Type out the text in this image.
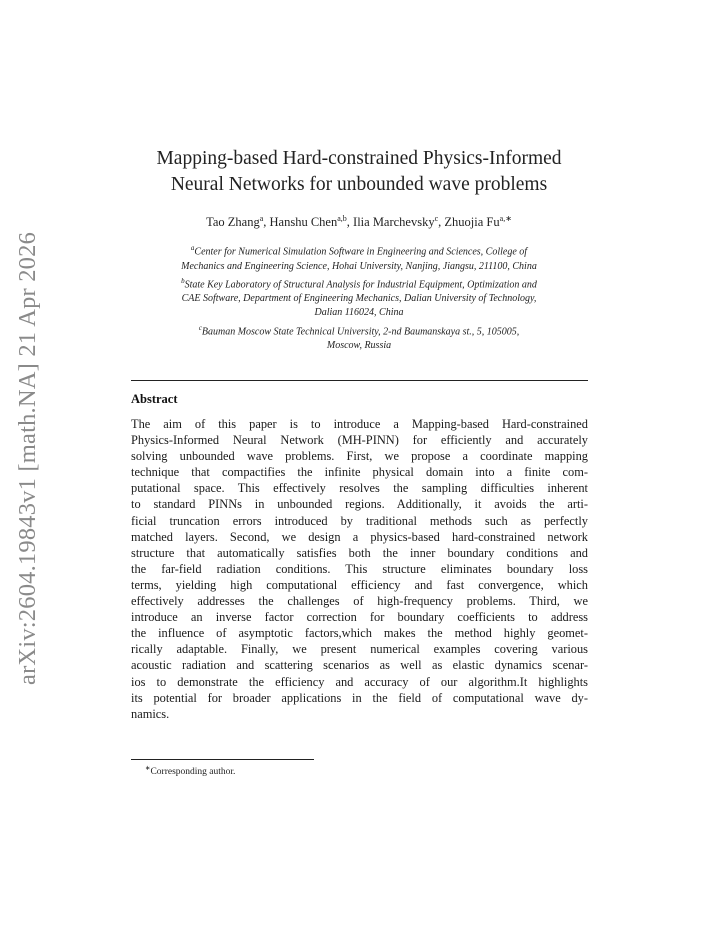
arXiv:2604.19843v1 [math.NA] 21 Apr 2026
Mapping-based Hard-constrained Physics-Informed
Neural Networks for unbounded wave problems
Tao Zhang$^a$, Hanshu Chen$^{a,b}$, Ilia Marchevsky$^c$, Zhuojia $Fu^{a,∗}$
$^a$Center for Numerical Simulation Software in Engineering and Sciences, College of
Mechanics and Engineering Science, Hohai University, Nanjing, Jiangsu, 211100, China
$^b$State Key Laboratory of Structural Analysis for Industrial Equipment, Optimization and
CAE Software, Department of Engineering Mechanics, Dalian University of Technology,
Dalian 116024, China
$^c$Bauman Moscow State Technical University, 2-nd Baumanskaya st., 5, 105005,
Moscow, Russia
Abstract
The aim of this paper is to introduce a Mapping-based Hard-constrained
Physics-Informed Neural Network (MH-PINN) for efficiently and accurately
solving unbounded wave problems. First, we propose a coordinate mapping
technique that compactifies the infinite physical domain into a finite com-
putational space. This effectively resolves the sampling difficulties inherent
to standard PINNs in unbounded regions. Additionally, it avoids the arti-
ficial truncation errors introduced by traditional methods such as perfectly
matched layers. Second, we design a physics-based hard-constrained network
structure that automatically satisfies both the inner boundary conditions and
the far-field radiation conditions. This structure eliminates boundary loss
terms, yielding high computational efficiency and fast convergence, which
effectively addresses the challenges of high-frequency problems. Third, we
introduce an inverse factor correction for boundary coefficients to address
the influence of asymptotic factors,which makes the method highly geomet-
rically adaptable. Finally, we present numerical examples covering various
acoustic radiation and scattering scenarios as well as elastic dynamics scenar-
ios to demonstrate the efficiency and accuracy of our algorithm.It highlights
its potential for broader applications in the field of computational wave dy-
namics.
∗Corresponding author.
